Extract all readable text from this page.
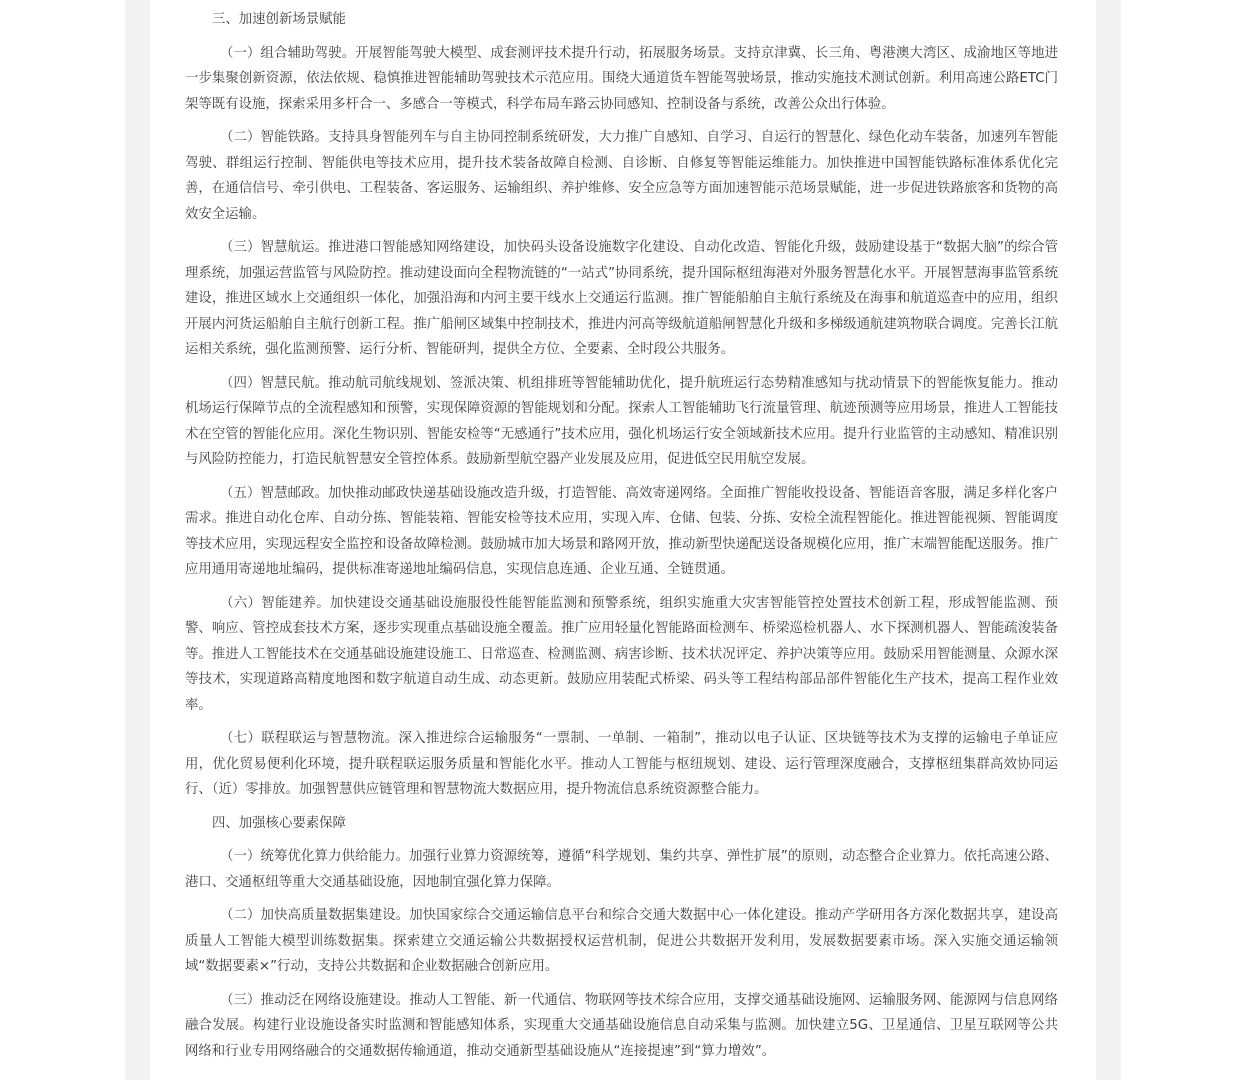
三、加速创新场景赋能

（一）组合辅助驾驶。开展智能驾驶大模型、成套测评技术提升行动，拓展服务场景。支持京津冀、长三角、粤港澳大湾区、成渝地区等地进一步集聚创新资源，依法依规、稳慎推进智能辅助驾驶技术示范应用。围绕大通道货车智能驾驶场景，推动实施技术测试创新。利用高速公路ETC门架等既有设施，探索采用多杆合一、多感合一等模式，科学布局车路云协同感知、控制设备与系统，改善公众出行体验。

（二）智能铁路。支持具身智能列车与自主协同控制系统研发，大力推广自感知、自学习、自运行的智慧化、绿色化动车装备，加速列车智能驾驶、群组运行控制、智能供电等技术应用，提升技术装备故障自检测、自诊断、自修复等智能运维能力。加快推进中国智能铁路标准体系优化完善，在通信信号、牵引供电、工程装备、客运服务、运输组织、养护维修、安全应急等方面加速智能示范场景赋能，进一步促进铁路旅客和货物的高效安全运输。

（三）智慧航运。推进港口智能感知网络建设，加快码头设备设施数字化建设、自动化改造、智能化升级，鼓励建设基于“数据大脑”的综合管理系统，加强运营监管与风险防控。推动建设面向全程物流链的“一站式”协同系统，提升国际枢纽海港对外服务智慧化水平。开展智慧海事监管系统建设，推进区域水上交通组织一体化，加强沿海和内河主要干线水上交通运行监测。推广智能船舶自主航行系统及在海事和航道巡查中的应用，组织开展内河货运船舶自主航行创新工程。推广船闸区域集中控制技术，推进内河高等级航道船闸智慧化升级和多梯级通航建筑物联合调度。完善长江航运相关系统，强化监测预警、运行分析、智能研判，提供全方位、全要素、全时段公共服务。

（四）智慧民航。推动航司航线规划、签派决策、机组排班等智能辅助优化，提升航班运行态势精准感知与扰动情景下的智能恢复能力。推动机场运行保障节点的全流程感知和预警，实现保障资源的智能规划和分配。探索人工智能辅助飞行流量管理、航迹预测等应用场景，推进人工智能技术在空管的智能化应用。深化生物识别、智能安检等“无感通行”技术应用，强化机场运行安全领域新技术应用。提升行业监管的主动感知、精准识别与风险防控能力，打造民航智慧安全管控体系。鼓励新型航空器产业发展及应用，促进低空民用航空发展。

（五）智慧邮政。加快推动邮政快递基础设施改造升级，打造智能、高效寄递网络。全面推广智能收投设备、智能语音客服，满足多样化客户需求。推进自动化仓库、自动分拣、智能装箱、智能安检等技术应用，实现入库、仓储、包装、分拣、安检全流程智能化。推进智能视频、智能调度等技术应用，实现远程安全监控和设备故障检测。鼓励城市加大场景和路网开放，推动新型快递配送设备规模化应用，推广末端智能配送服务。推广应用通用寄递地址编码，提供标准寄递地址编码信息，实现信息连通、企业互通、全链贯通。

（六）智能建养。加快建设交通基础设施服役性能智能监测和预警系统，组织实施重大灾害智能管控处置技术创新工程，形成智能监测、预警、响应、管控成套技术方案，逐步实现重点基础设施全覆盖。推广应用轻量化智能路面检测车、桥梁巡检机器人、水下探测机器人、智能疏浚装备等。推进人工智能技术在交通基础设施建设施工、日常巡查、检测监测、病害诊断、技术状况评定、养护决策等应用。鼓励采用智能测量、众源水深等技术，实现道路高精度地图和数字航道自动生成、动态更新。鼓励应用装配式桥梁、码头等工程结构部品部件智能化生产技术，提高工程作业效率。

（七）联程联运与智慧物流。深入推进综合运输服务“一票制、一单制、一箱制”，推动以电子认证、区块链等技术为支撑的运输电子单证应用，优化贸易便利化环境，提升联程联运服务质量和智能化水平。推动人工智能与枢纽规划、建设、运行管理深度融合，支撑枢纽集群高效协同运行、（近）零排放。加强智慧供应链管理和智慧物流大数据应用，提升物流信息系统资源整合能力。

四、加强核心要素保障

（一）统筹优化算力供给能力。加强行业算力资源统筹，遵循“科学规划、集约共享、弹性扩展”的原则，动态整合企业算力。依托高速公路、港口、交通枢纽等重大交通基础设施，因地制宜强化算力保障。

（二）加快高质量数据集建设。加快国家综合交通运输信息平台和综合交通大数据中心一体化建设。推动产学研用各方深化数据共享，建设高质量人工智能大模型训练数据集。探索建立交通运输公共数据授权运营机制，促进公共数据开发利用，发展数据要素市场。深入实施交通运输领域“数据要素×”行动，支持公共数据和企业数据融合创新应用。

（三）推动泛在网络设施建设。推动人工智能、新一代通信、物联网等技术综合应用，支撑交通基础设施网、运输服务网、能源网与信息网络融合发展。构建行业设施设备实时监测和智能感知体系，实现重大交通基础设施信息自动采集与监测。加快建立5G、卫星通信、卫星互联网等公共网络和行业专用网络融合的交通数据传输通道，推动交通新型基础设施从“连接提速”到“算力增效”。
